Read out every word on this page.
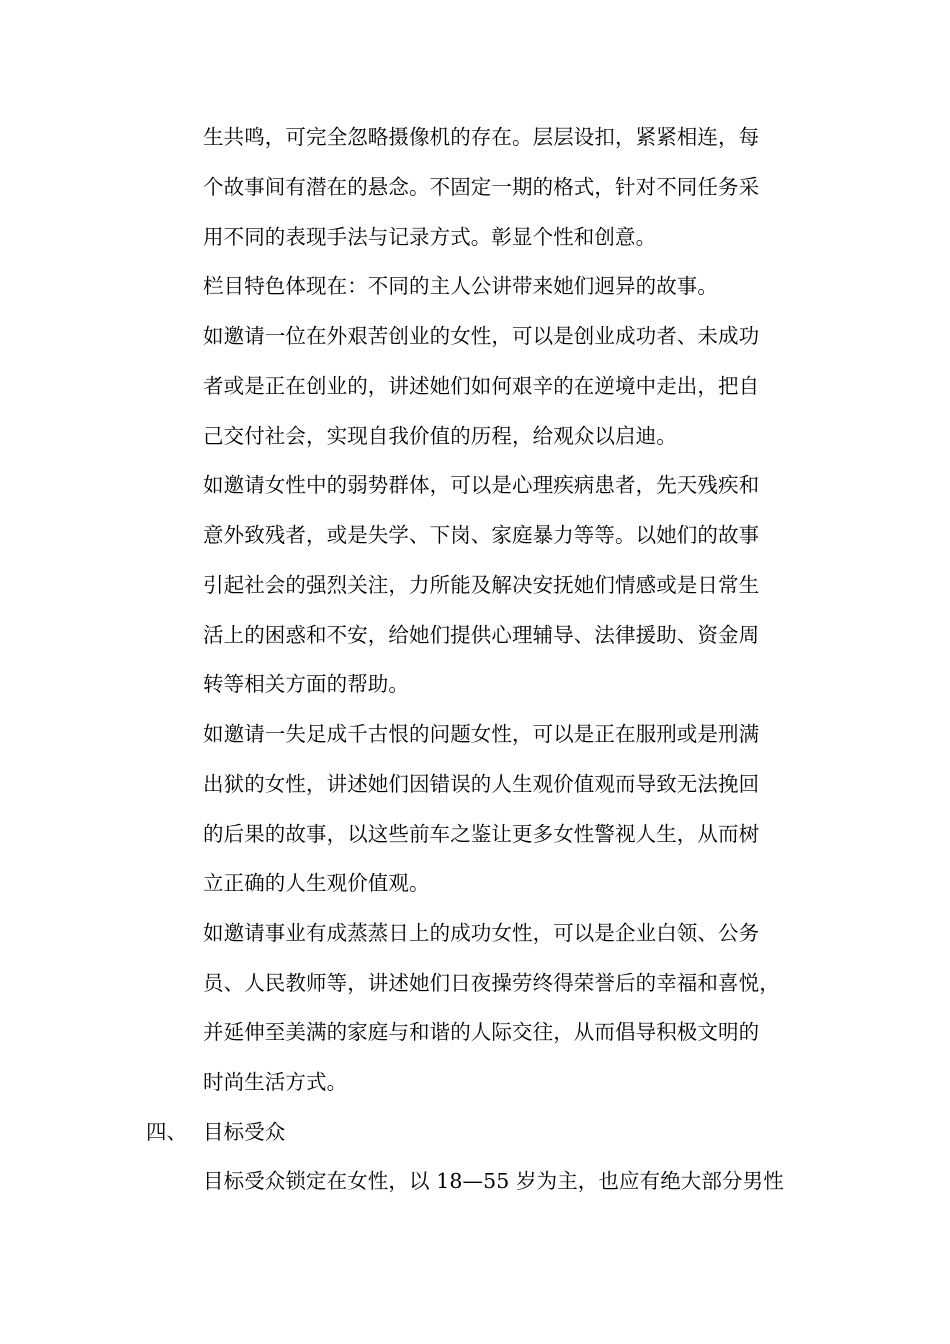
生共鸣，可完全忽略摄像机的存在。层层设扣，紧紧相连，每
个故事间有潜在的悬念。不固定一期的格式，针对不同任务采
用不同的表现手法与记录方式。彰显个性和创意。
栏目特色体现在：不同的主人公讲带来她们迥异的故事。
如邀请一位在外艰苦创业的女性，可以是创业成功者、未成功
者或是正在创业的，讲述她们如何艰辛的在逆境中走出，把自
己交付社会，实现自我价值的历程，给观众以启迪。
如邀请女性中的弱势群体，可以是心理疾病患者，先天残疾和
意外致残者，或是失学、下岗、家庭暴力等等。以她们的故事
引起社会的强烈关注，力所能及解决安抚她们情感或是日常生
活上的困惑和不安，给她们提供心理辅导、法律援助、资金周
转等相关方面的帮助。
如邀请一失足成千古恨的问题女性，可以是正在服刑或是刑满
出狱的女性，讲述她们因错误的人生观价值观而导致无法挽回
的后果的故事，以这些前车之鉴让更多女性警视人生，从而树
立正确的人生观价值观。
如邀请事业有成蒸蒸日上的成功女性，可以是企业白领、公务
员、人民教师等，讲述她们日夜操劳终得荣誉后的幸福和喜悦，
并延伸至美满的家庭与和谐的人际交往，从而倡导积极文明的
时尚生活方式。
四、 目标受众
目标受众锁定在女性，以 18—55 岁为主，也应有绝大部分男性
